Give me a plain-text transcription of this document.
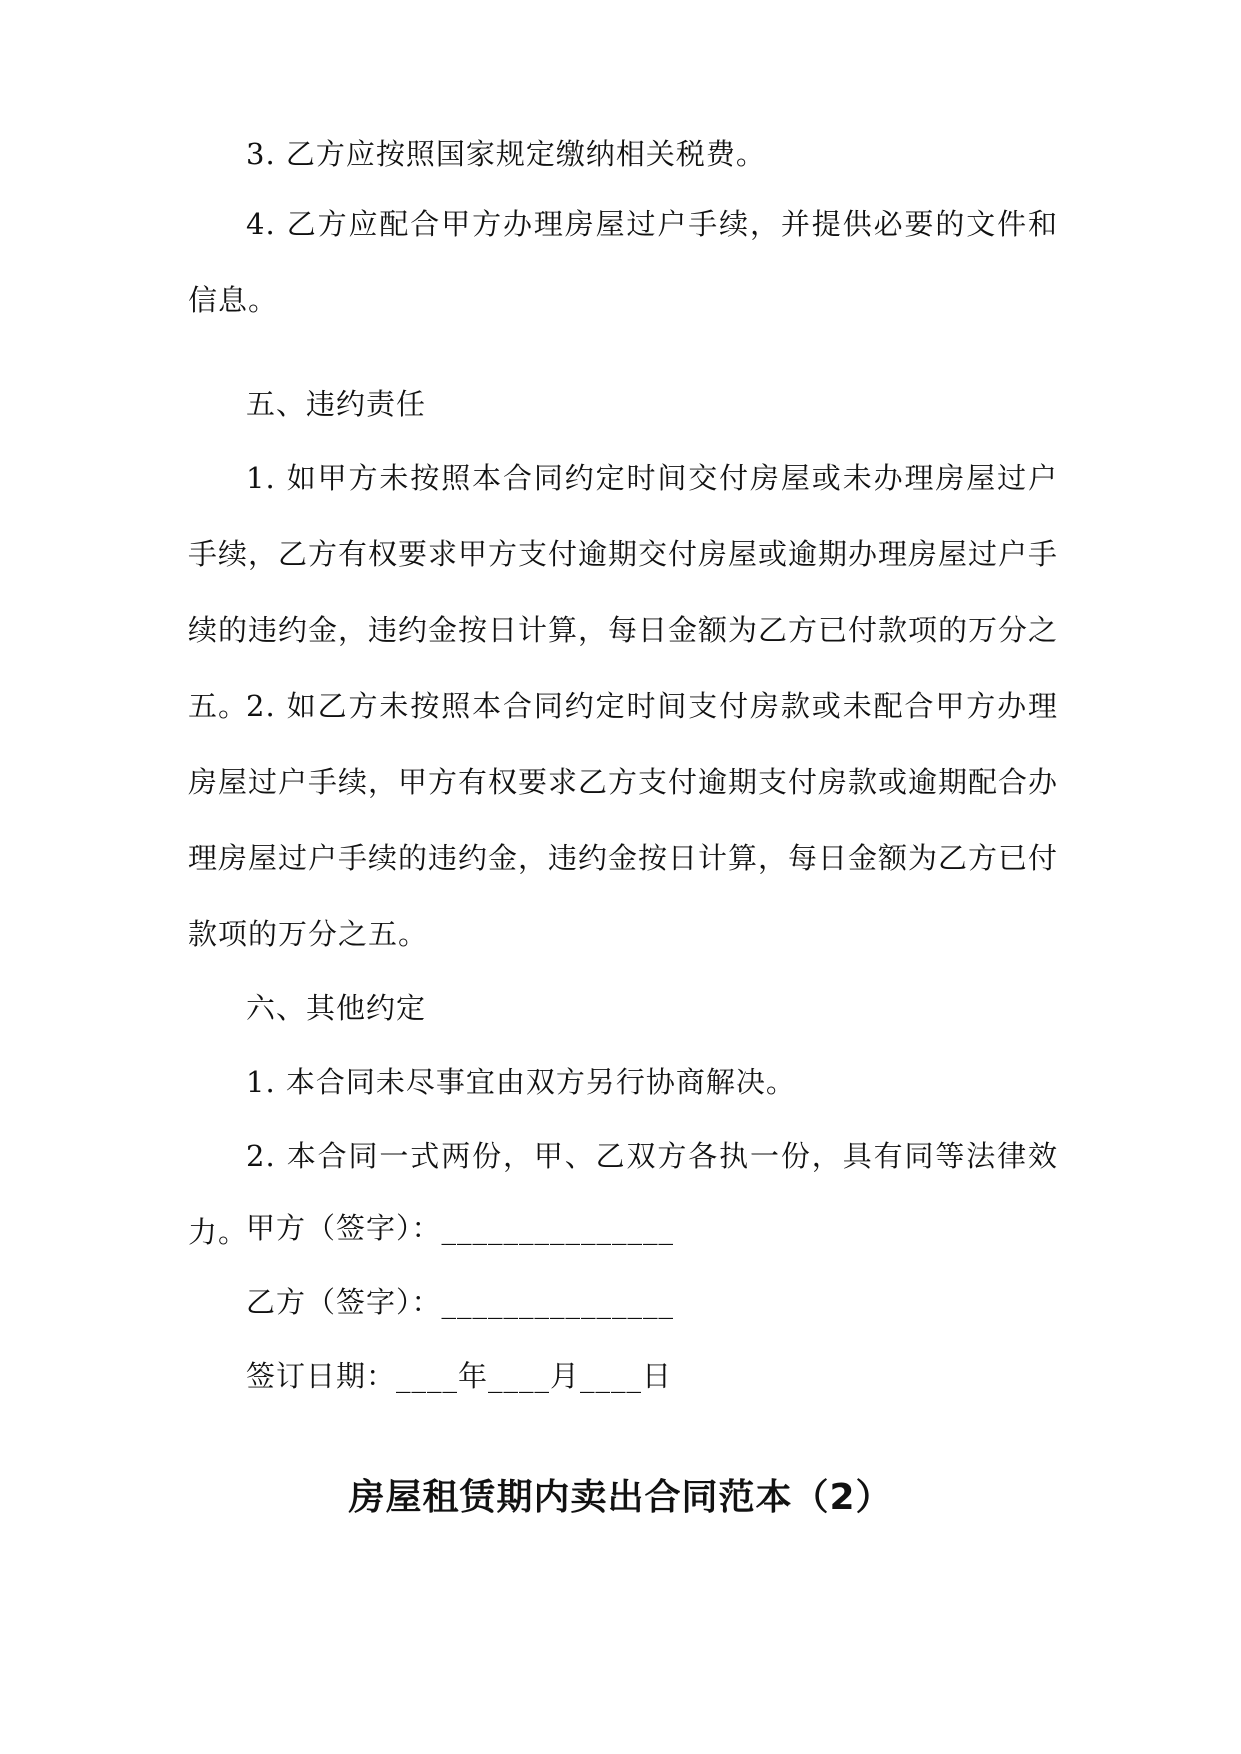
3. 乙方应按照国家规定缴纳相关税费。

4. 乙方应配合甲方办理房屋过户手续，并提供必要的文件和信息。

五、违约责任

1. 如甲方未按照本合同约定时间交付房屋或未办理房屋过户手续，乙方有权要求甲方支付逾期交付房屋或逾期办理房屋过户手续的违约金，违约金按日计算，每日金额为乙方已付款项的万分之五。

2. 如乙方未按照本合同约定时间支付房款或未配合甲方办理房屋过户手续，甲方有权要求乙方支付逾期支付房款或逾期配合办理房屋过户手续的违约金，违约金按日计算，每日金额为乙方已付款项的万分之五。

六、其他约定

1. 本合同未尽事宜由双方另行协商解决。

2. 本合同一式两份，甲、乙双方各执一份，具有同等法律效力。

甲方（签字）：_______________

乙方（签字）：_______________

签订日期：____年____月____日

房屋租赁期内卖出合同范本（2）
